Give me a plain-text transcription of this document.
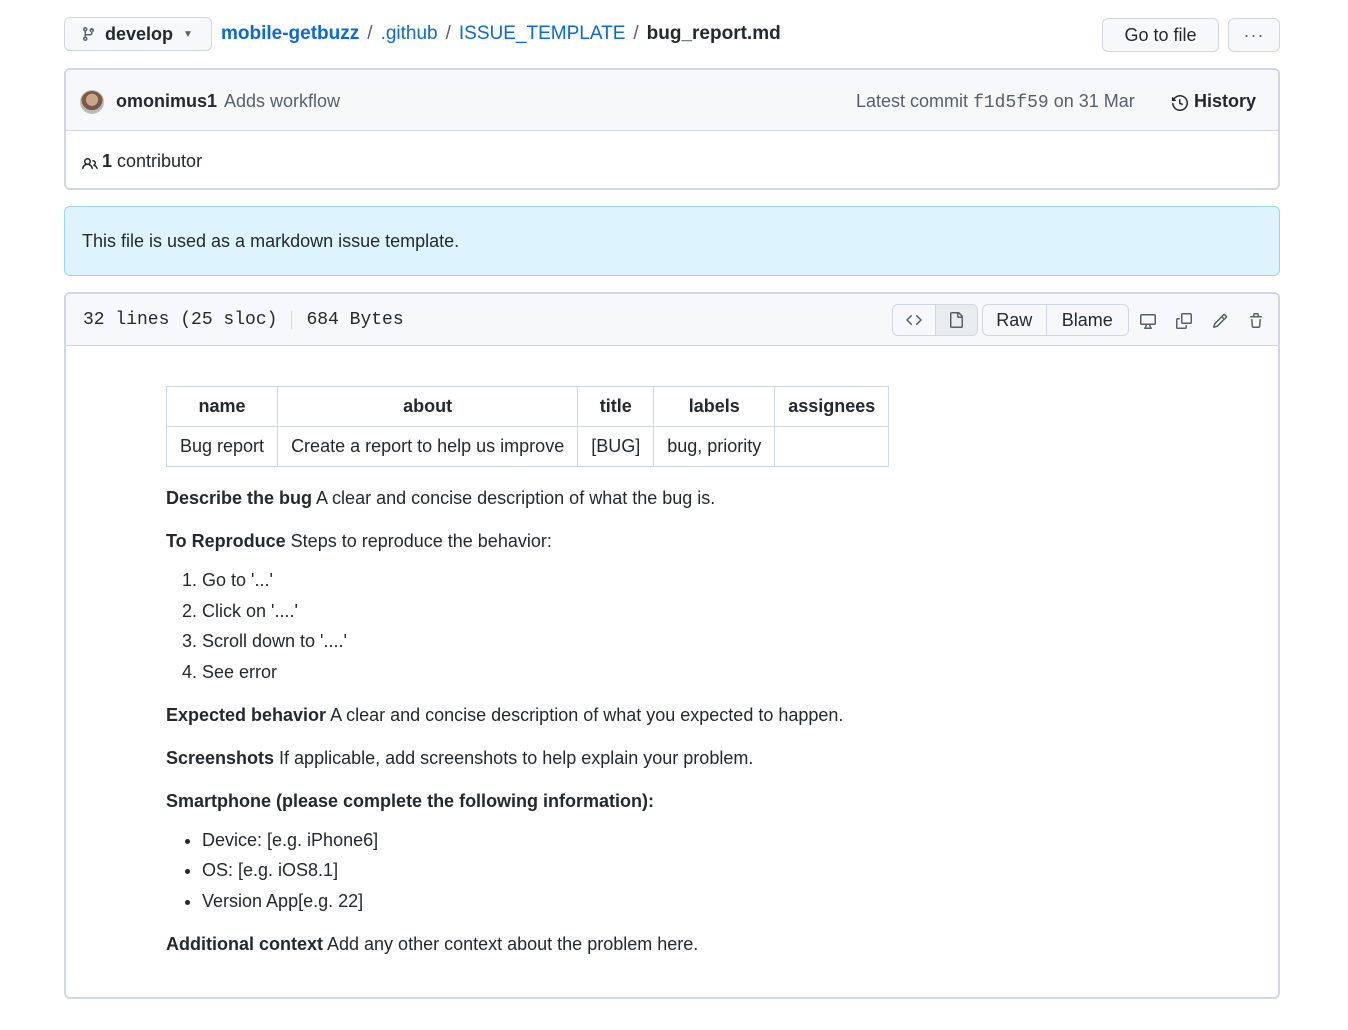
develop ▼ mobile-getbuzz / .github / ISSUE_TEMPLATE / bug_report.md	Go to file	···
omonimus1 Adds workflow	Latest commit f1d5f59 on 31 Mar	History
1 contributor
This file is used as a markdown issue template.
32 lines (25 sloc) 684 Bytes	Raw	Blame
name	about	title	labels	assignees
Bug report	Create a report to help us improve	[BUG]	bug, priority	

Describe the bug A clear and concise description of what the bug is.

To Reproduce Steps to reproduce the behavior:

1. Go to '...'
2. Click on '....'
3. Scroll down to '....'
4. See error

Expected behavior A clear and concise description of what you expected to happen.

Screenshots If applicable, add screenshots to help explain your problem.

Smartphone (please complete the following information):

• Device: [e.g. iPhone6]
• OS: [e.g. iOS8.1]
• Version App[e.g. 22]

Additional context Add any other context about the problem here.
